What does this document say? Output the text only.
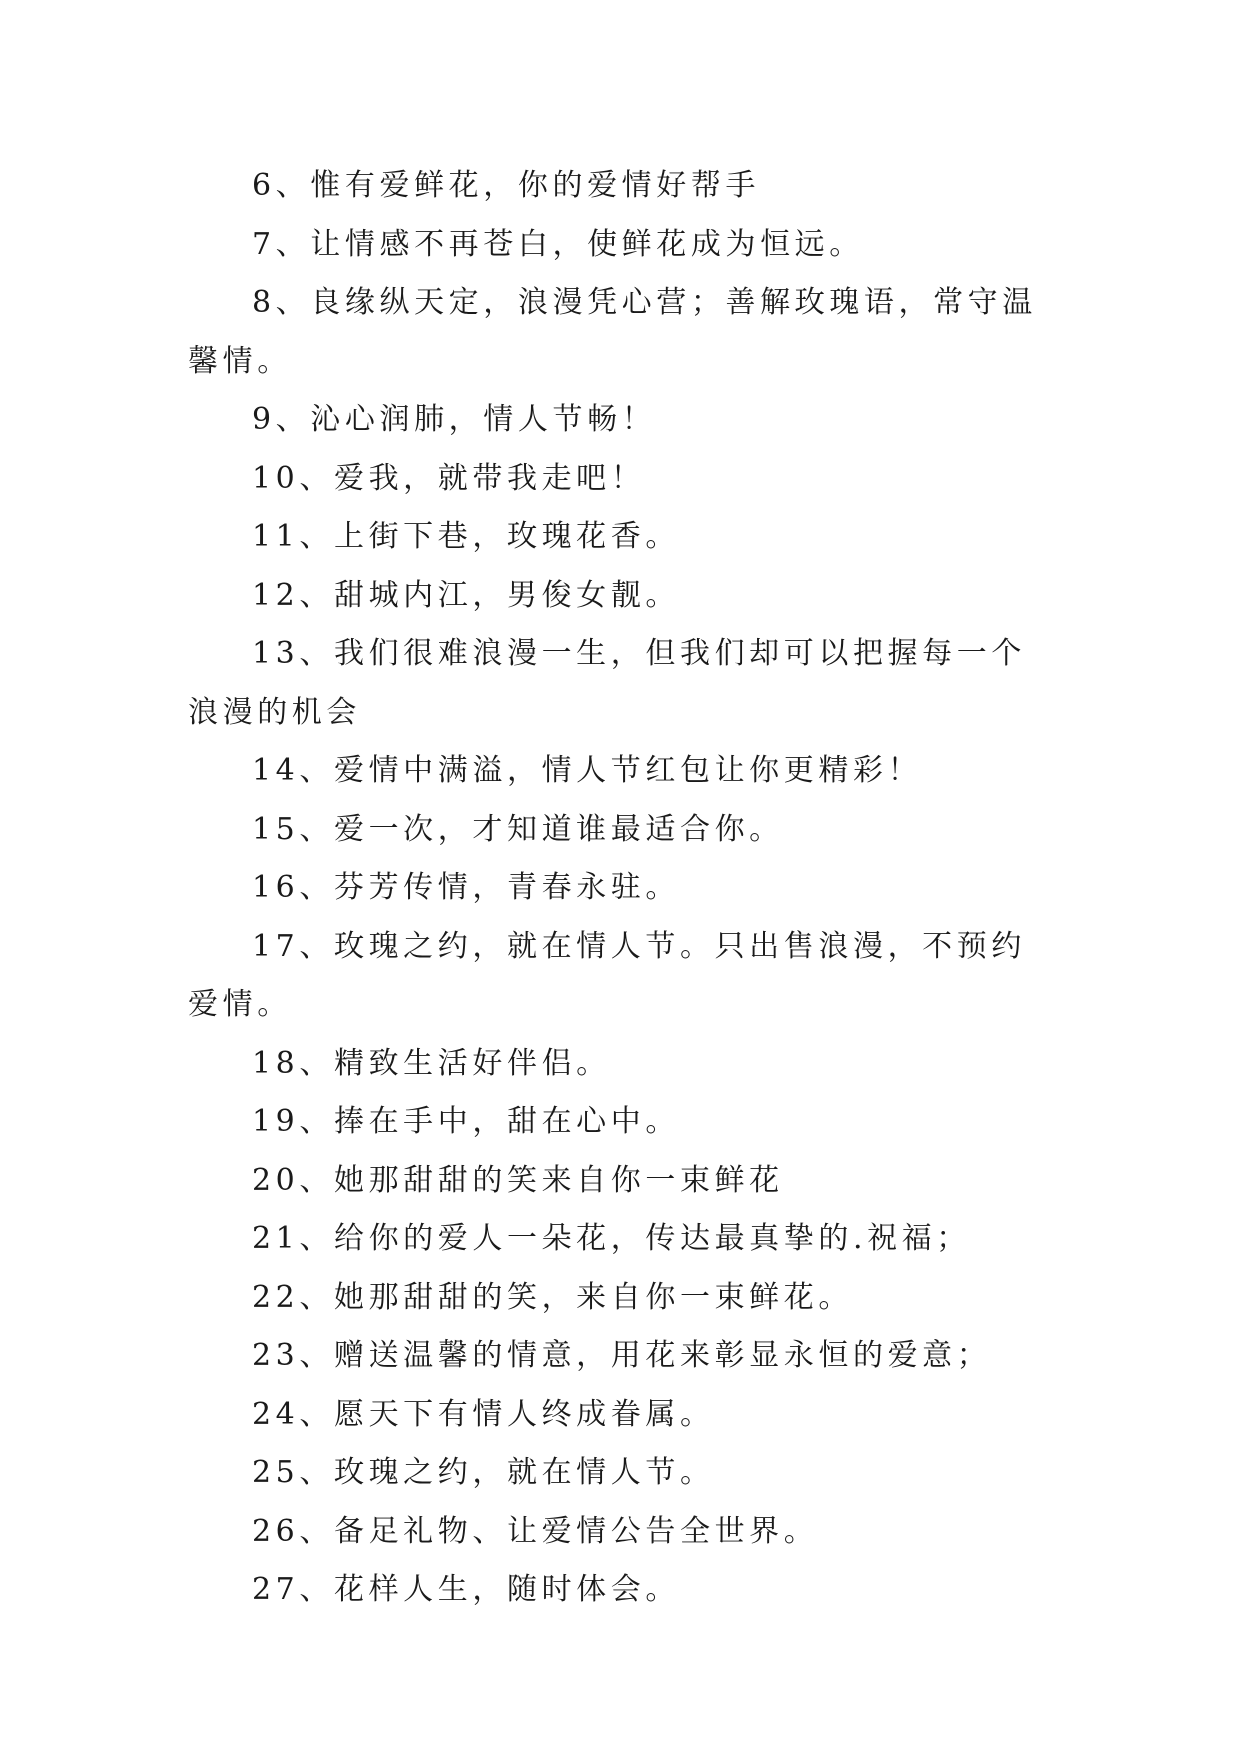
6、惟有爱鲜花，你的爱情好帮手

7、让情感不再苍白，使鲜花成为恒远。

8、良缘纵天定，浪漫凭心营；善解玫瑰语，常守温馨情。

9、沁心润肺，情人节畅！

10、爱我，就带我走吧！

11、上街下巷，玫瑰花香。

12、甜城内江，男俊女靓。

13、我们很难浪漫一生，但我们却可以把握每一个浪漫的机会

14、爱情中满溢，情人节红包让你更精彩！

15、爱一次，才知道谁最适合你。

16、芬芳传情，青春永驻。

17、玫瑰之约，就在情人节。只出售浪漫，不预约爱情。

18、精致生活好伴侣。

19、捧在手中，甜在心中。

20、她那甜甜的笑来自你一束鲜花

21、给你的爱人一朵花，传达最真挚的.祝福；

22、她那甜甜的笑，来自你一束鲜花。

23、赠送温馨的情意，用花来彰显永恒的爱意；

24、愿天下有情人终成眷属。

25、玫瑰之约，就在情人节。

26、备足礼物、让爱情公告全世界。

27、花样人生，随时体会。
